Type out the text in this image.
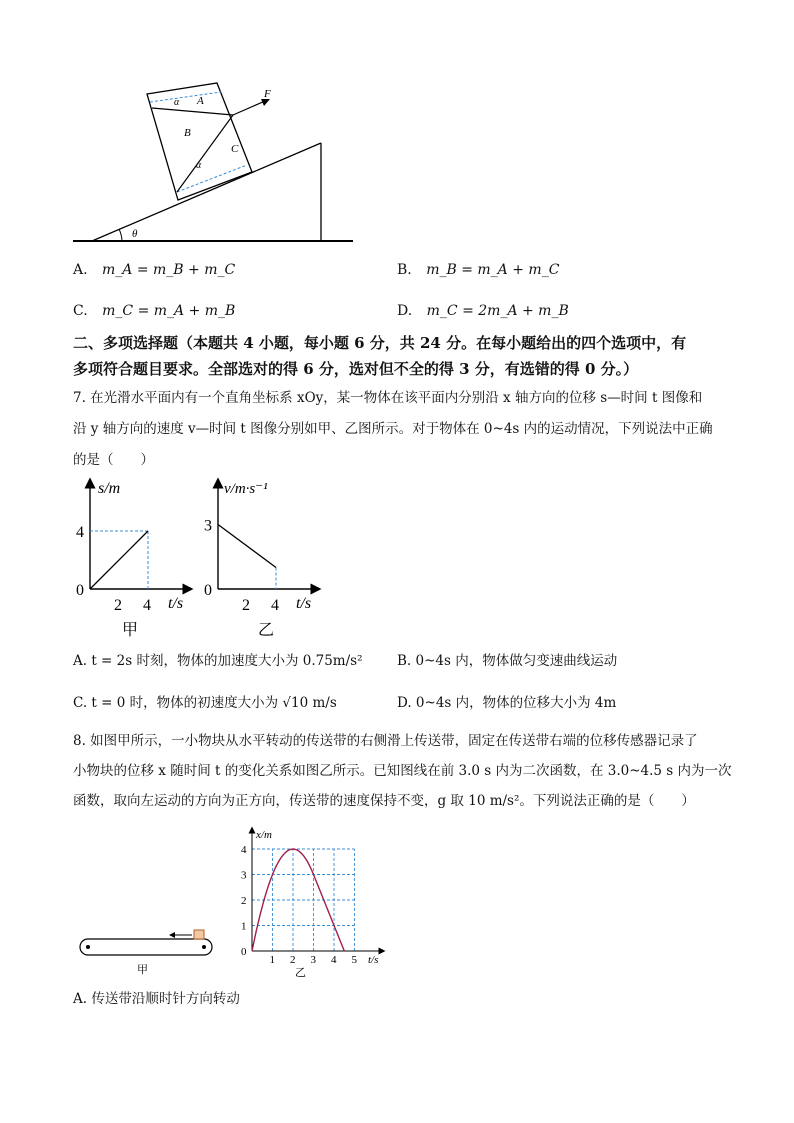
θ
F
A
B
C
α
α
A. m_A = m_B + m_C	B. m_B = m_A + m_C
C. m_C = m_A + m_B	D. m_C = 2m_A + m_B
二、多项选择题（本题共 4 小题，每小题 6 分，共 24 分。在每小题给出的四个选项中，有
多项符合题目要求。全部选对的得 6 分，选对但不全的得 3 分，有选错的得 0 分。）
7. 在光滑水平面内有一个直角坐标系 xOy，某一物体在该平面内分别沿 x 轴方向的位移 s—时间 t 图像和
沿 y 轴方向的速度 v—时间 t 图像分别如甲、乙图所示。对于物体在 0~4s 内的运动情况，下列说法中正确
的是（　　）
s/m
t/s
甲
2 4
0
4
v/m·s⁻¹
t/s
乙
2 4
0
3
A. t = 2s 时刻，物体的加速度大小为 0.75m/s²	B. 0~4s 内，物体做匀变速曲线运动
C. t = 0 时，物体的初速度大小为 √10 m/s	D. 0~4s 内，物体的位移大小为 4m
8. 如图甲所示，一小物块从水平转动的传送带的右侧滑上传送带，固定在传送带右端的位移传感器记录了
小物块的位移 x 随时间 t 的变化关系如图乙所示。已知图线在前 3.0 s 内为二次函数，在 3.0~4.5 s 内为一次
函数，取向左运动的方向为正方向，传送带的速度保持不变，g 取 10 m/s²。下列说法正确的是（　　）
甲
x/m
t/s
乙
1 2 3 4 5
0
1
2
3
4
A. 传送带沿顺时针方向转动
